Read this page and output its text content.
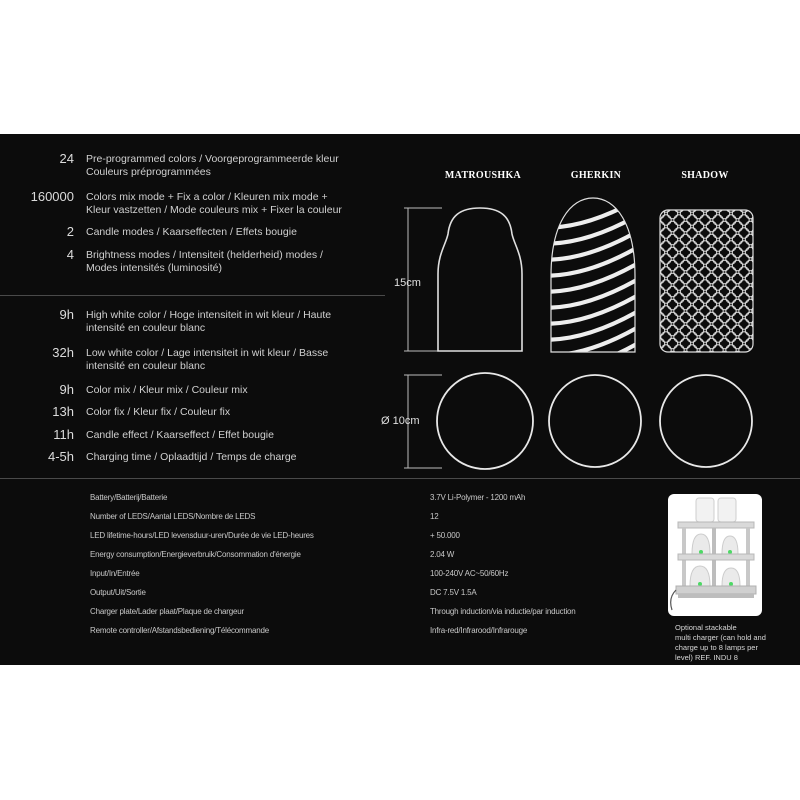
24 Pre-programmed colors / Voorgeprogrammeerde kleur
Couleurs préprogrammées
160000 Colors mix mode + Fix a color / Kleuren mix mode +
Kleur vastzetten / Mode couleurs mix + Fixer la couleur
2 Candle modes / Kaarseffecten / Effets bougie
4 Brightness modes / Intensiteit (helderheid) modes /
Modes intensités (luminosité)
9h High white color / Hoge intensiteit in wit kleur / Haute
intensité en couleur blanc
32h Low white color / Lage intensiteit in wit kleur / Basse
intensité en couleur blanc
9h Color mix / Kleur mix / Couleur mix
13h Color fix / Kleur fix / Couleur fix
11h Candle effect / Kaarseffect / Effet bougie
4-5h Charging time / Oplaadtijd / Temps de charge
MATROUSHKA	GHERKIN	SHADOW
15cm
Ø 10cm
Battery/Batterij/Batterie	3.7V Li-Polymer - 1200 mAh
Number of LEDS/Aantal LEDS/Nombre de LEDS	12
LED lifetime-hours/LED levensduur-uren/Durée de vie LED-heures	+ 50.000
Energy consumption/Energieverbruik/Consommation d'énergie	2.04 W
Input/In/Entrée	100-240V AC~50/60Hz
Output/Uit/Sortie	DC 7.5V 1.5A
Charger plate/Lader plaat/Plaque de chargeur	Through induction/via inductie/par induction
Remote controller/Afstandsbediening/Télécommande	Infra-red/Infrarood/Infrarouge	Optional stackable
multi charger (can hold and
charge up to 8 lamps per
level) REF. INDU 8
